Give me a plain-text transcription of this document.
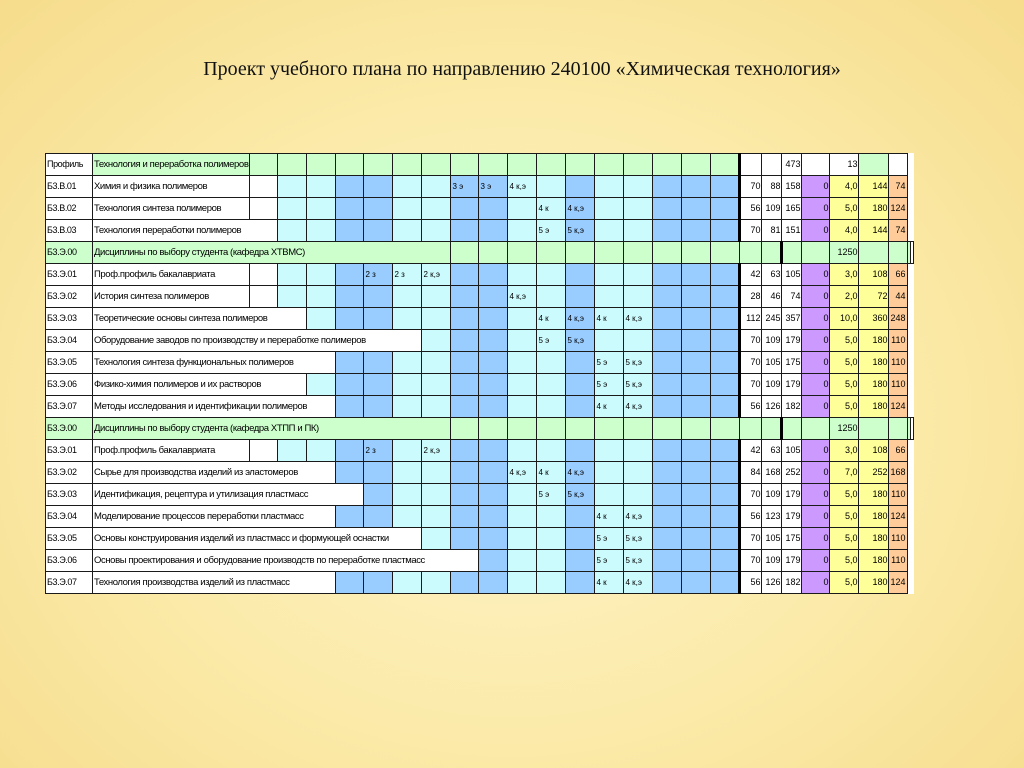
Проект учебного плана по направлению 240100 «Химическая технология»
Профиль	Технология и переработка полимеров																				473		13				
Б3.В.01	Химия и физика полимеров								3 э	3 э	4 к,э								70	88	158	0	4,0	144	74		
Б3.В.02	Технология синтеза полимеров											4 к	4 к,э						56	109	165	0	5,0	180	124		
Б3.В.03	Технология переработки полимеров											5 э	5 к,э						70	81	151	0	4,0	144	74		
Б3.Э.00	Дисциплины по выбору студента (кафедра ХТВМС)																						1250				
Б3.Э.01	Проф.профиль бакалавриата					2 з	2 з	2 к,э											42	63	105	0	3,0	108	66		
Б3.Э.02	История синтеза полимеров										4 к,э								28	46	74	0	2,0	72	44		
Б3.Э.03	Теоретические основы синтеза полимеров											4 к	4 к,э	4 к	4 к,э				112	245	357	0	10,0	360	248		
Б3.Э.04	Оборудование заводов по производству и переработке полимеров											5 э	5 к,э						70	109	179	0	5,0	180	110		
Б3.Э.05	Технология синтеза функциональных полимеров													5 э	5 к,э				70	105	175	0	5,0	180	110		
Б3.Э.06	Физико-химия полимеров и их растворов													5 э	5 к,э				70	109	179	0	5,0	180	110		
Б3.Э.07	Методы исследования и идентификации полимеров													4 к	4 к,э				56	126	182	0	5,0	180	124		
Б3.Э.00	Дисциплины по выбору студента (кафедра ХТПП и ПК)																						1250				
Б3.Э.01	Проф.профиль бакалавриата					2 з		2 к,э											42	63	105	0	3,0	108	66		
Б3.Э.02	Сырье для производства изделий из эластомеров										4 к,э	4 к	4 к,э						84	168	252	0	7,0	252	168		
Б3.Э.03	Идентификация, рецептура и утилизация пластмасс											5 э	5 к,э						70	109	179	0	5,0	180	110		
Б3.Э.04	Моделирование процессов переработки пластмасс													4 к	4 к,э				56	123	179	0	5,0	180	124		
Б3.Э.05	Основы конструирования изделий из пластмасс и формующей оснастки													5 э	5 к,э				70	105	175	0	5,0	180	110		
Б3.Э.06	Основы проектирования и оборудование производств по переработке пластмасс													5 э	5 к,э				70	109	179	0	5,0	180	110		
Б3.Э.07	Технология производства изделий из пластмасс													4 к	4 к,э				56	126	182	0	5,0	180	124		
